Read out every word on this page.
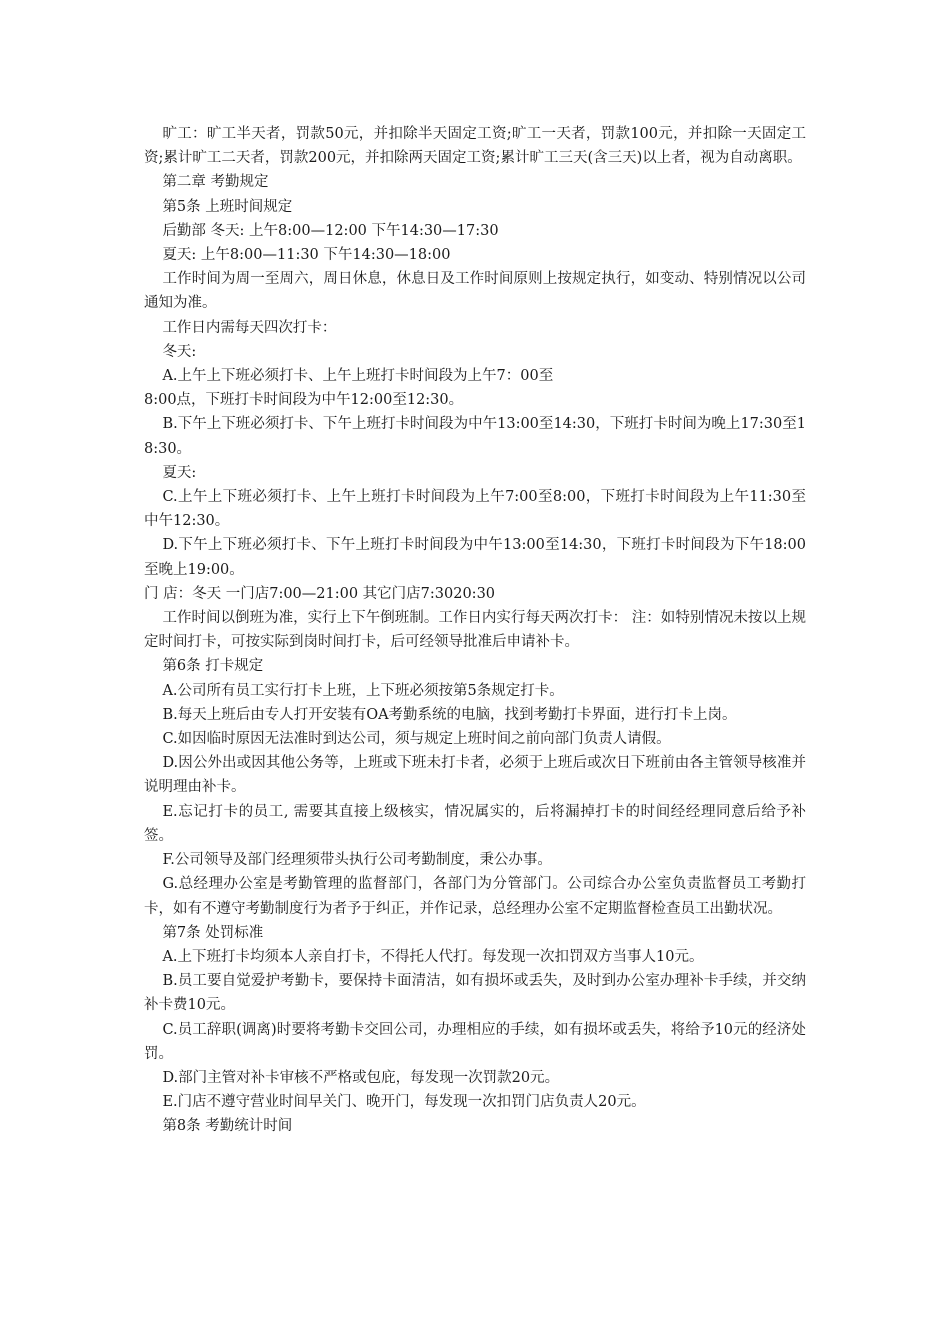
旷工：旷工半天者，罚款50元，并扣除半天固定工资;旷工一天者，罚款100元，并扣除一天固定工资;累计旷工二天者，罚款200元，并扣除两天固定工资;累计旷工三天(含三天)以上者，视为自动离职。

第二章 考勤规定

第5条 上班时间规定

后勤部 冬天: 上午8:00—12:00 下午14:30—17:30

夏天: 上午8:00—11:30 下午14:30—18:00

工作时间为周一至周六，周日休息，休息日及工作时间原则上按规定执行，如变动、特别情况以公司通知为准。

工作日内需每天四次打卡：

冬天:

A.上午上下班必须打卡、上午上班打卡时间段为上午7：00至

8:00点，下班打卡时间段为中午12:00至12:30。

B.下午上下班必须打卡、下午上班打卡时间段为中午13:00至14:30，下班打卡时间为晚上17:30至18:30。

夏天:

C.上午上下班必须打卡、上午上班打卡时间段为上午7:00至8:00，下班打卡时间段为上午11:30至中午12:30。

D.下午上下班必须打卡、下午上班打卡时间段为中午13:00至14:30，下班打卡时间段为下午18:00至晚上19:00。

门 店：冬天 一门店7:00—21:00 其它门店7:3020:30

工作时间以倒班为准，实行上下午倒班制。工作日内实行每天两次打卡： 注：如特别情况未按以上规定时间打卡，可按实际到岗时间打卡，后可经领导批准后申请补卡。

第6条 打卡规定

A.公司所有员工实行打卡上班，上下班必须按第5条规定打卡。

B.每天上班后由专人打开安装有OA考勤系统的电脑，找到考勤打卡界面，进行打卡上岗。

C.如因临时原因无法准时到达公司，须与规定上班时间之前向部门负责人请假。

D.因公外出或因其他公务等，上班或下班未打卡者，必须于上班后或次日下班前由各主管领导核准并说明理由补卡。

E.忘记打卡的员工, 需要其直接上级核实，情况属实的，后将漏掉打卡的时间经经理同意后给予补签。

F.公司领导及部门经理须带头执行公司考勤制度，秉公办事。

G.总经理办公室是考勤管理的监督部门，各部门为分管部门。公司综合办公室负责监督员工考勤打卡，如有不遵守考勤制度行为者予于纠正，并作记录，总经理办公室不定期监督检查员工出勤状况。

第7条 处罚标准

A.上下班打卡均须本人亲自打卡，不得托人代打。每发现一次扣罚双方当事人10元。

B.员工要自觉爱护考勤卡，要保持卡面清洁，如有损坏或丢失，及时到办公室办理补卡手续，并交纳补卡费10元。

C.员工辞职(调离)时要将考勤卡交回公司，办理相应的手续，如有损坏或丢失，将给予10元的经济处罚。

D.部门主管对补卡审核不严格或包庇，每发现一次罚款20元。

E.门店不遵守营业时间早关门、晚开门，每发现一次扣罚门店负责人20元。

第8条 考勤统计时间
